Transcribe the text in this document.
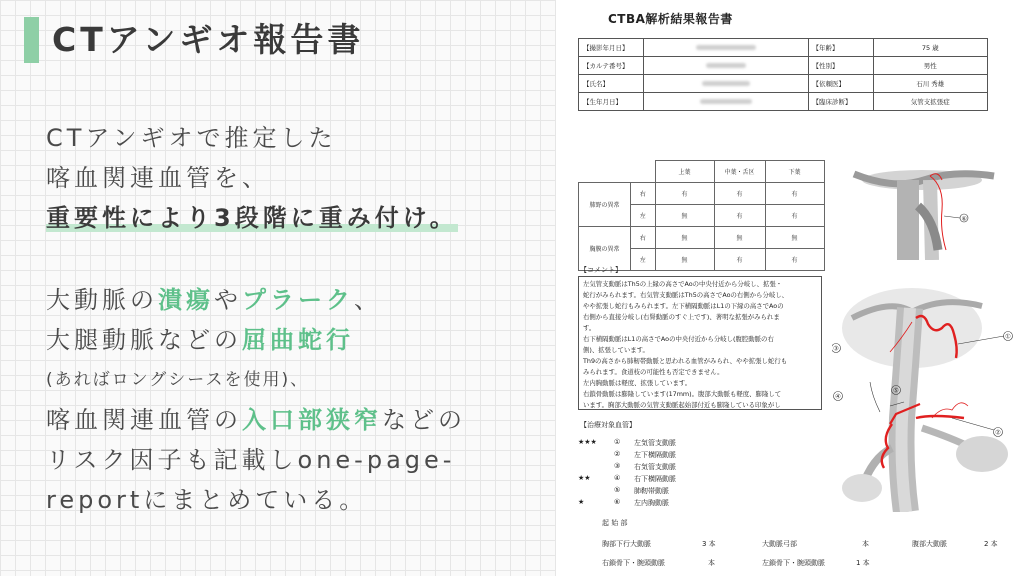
CTアンギオ報告書
CTアンギオで推定した
喀血関連血管を、
重要性により3段階に重み付け。
大動脈の潰瘍やプラーク、
大腿動脈などの屈曲蛇行
(あればロングシースを使用)、
喀血関連血管の入口部狭窄などの
リスク因子も記載しone-page-
reportにまとめている。
CTBA解析結果報告書
【撮影年月日】		【年齢】	75 歳
【カルテ番号】		【性別】	男性
【氏名】		【依頼医】	石川 秀雄
【生年月日】		【臨床診断】	気管支拡張症
		上葉	中葉・舌区	下葉
肺野の異常	右	有	有	有
	左	無	有	有
胸膜の異常	右	無	無	無
	左	無	有	有
⑥
【コメント】
左気管支動脈はTh5の上縁の高さでAoの中央付近から分岐し、拡張・
蛇行がみられます。右気管支動脈はTh5の高さでAoの右側から分岐し、
やや拡張し蛇行もみられます。左下横隔動脈はL1の下縁の高さでAoの
右側から直接分岐し(右腎動脈のすぐ上です)、著明な拡張がみられま
す。
右下横隔動脈はL1の高さでAoの中央付近から分岐し(腹腔動脈の右
側)、拡張しています。
Th9の高さから肺靭帯動脈と思われる血管がみられ、やや拡張し蛇行も
みられます。食道枝の可能性も否定できません。
左内胸動脈は軽度、拡張しています。
右鎖骨動脈は膨隆しています(17mm)。腹部大動脈も軽度、膨隆して
います。胸部大動脈の気管支動脈起始部付近も膨隆している印象がし
①
②
③
④
⑤
【治療対象血管】
★★★ ① 左気管支動脈
② 左下横隔動脈
③ 右気管支動脈
★★	④ 右下横隔動脈
⑤ 肺靭帯動脈
★	⑥ 左内胸動脈
起 始 部
胸部下行大動脈	3 本	大動脈弓部	本	腹部大動脈	2 本
右鎖骨下・腕頭動脈	本	左鎖骨下・腕頭動脈	1 本
